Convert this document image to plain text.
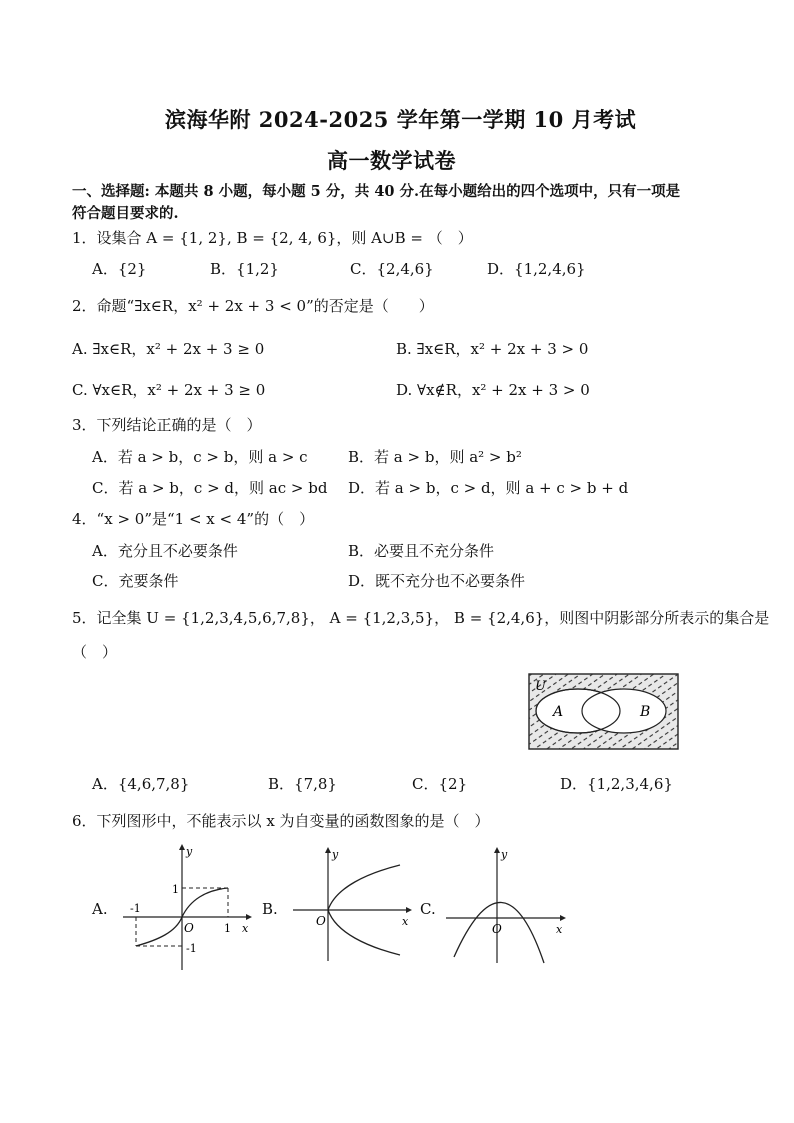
滨海华附 2024-2025 学年第一学期 10 月考试
高一数学试卷
一、选择题: 本题共 8 小题，每小题 5 分，共 40 分.在每小题给出的四个选项中，只有一项是
符合题目要求的.
1．设集合 A = {1, 2}, B = {2, 4, 6}，则 A∪B = （　）
A．{2}	B．{1,2}	C．{2,4,6}	D．{1,2,4,6}
2．命题“∃x∈R，x² + 2x + 3 < 0”的否定是（　　）
A. ∃x∈R，x² + 2x + 3 ≥ 0	B. ∃x∈R，x² + 2x + 3 > 0
C. ∀x∈R，x² + 2x + 3 ≥ 0	D. ∀x∉R，x² + 2x + 3 > 0
3．下列结论正确的是（　）
A．若 a > b，c > b，则 a > c	B．若 a > b，则 a² > b²
C．若 a > b，c > d，则 ac > bd D．若 a > b，c > d，则 a + c > b + d
4．“x > 0”是“1 < x < 4”的（　）
A．充分且不必要条件	B．必要且不充分条件
C．充要条件	D．既不充分也不必要条件
5．记全集 U = {1,2,3,4,5,6,7,8}， A = {1,2,3,5}， B = {2,4,6}，则图中阴影部分所表示的集合是
（　）
U
A	B
A．{4,6,7,8}	B．{7,8}	C．{2}	D．{1,2,3,4,6}
6．下列图形中，不能表示以 x 为自变量的函数图象的是（　）
A.	B.	C.
y
x
O
-1
1
1
-1
y
x
O
y
x
O
